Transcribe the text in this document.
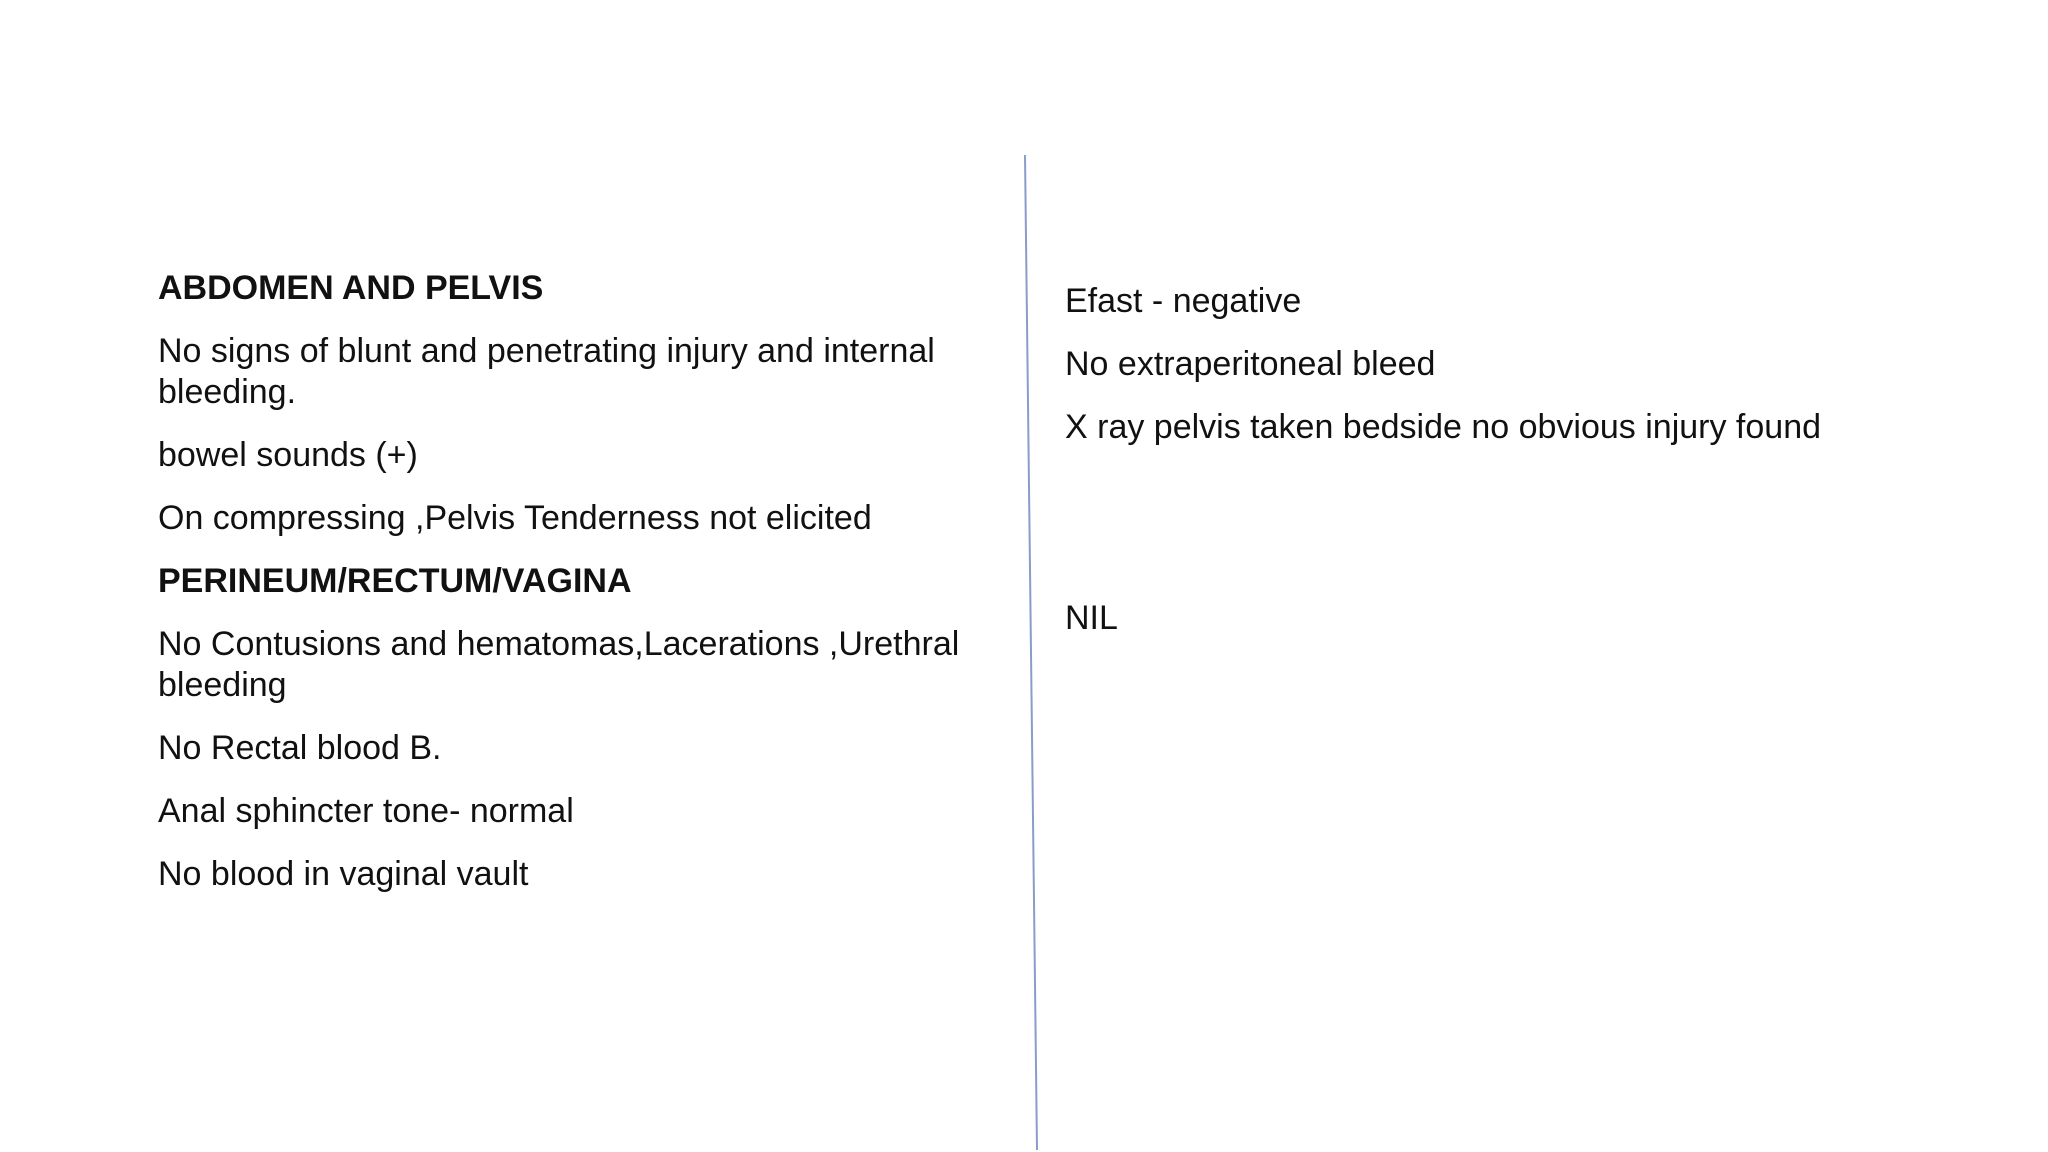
ABDOMEN AND PELVIS

No signs of blunt and penetrating injury and internal bleeding.

bowel sounds (+)

On compressing ,Pelvis Tenderness not elicited

PERINEUM/RECTUM/VAGINA

No Contusions and hematomas,Lacerations ,Urethral bleeding

No Rectal blood B.

Anal sphincter tone- normal

No blood in vaginal vault

Efast - negative

No extraperitoneal bleed

X ray pelvis taken bedside no obvious injury found

NIL
